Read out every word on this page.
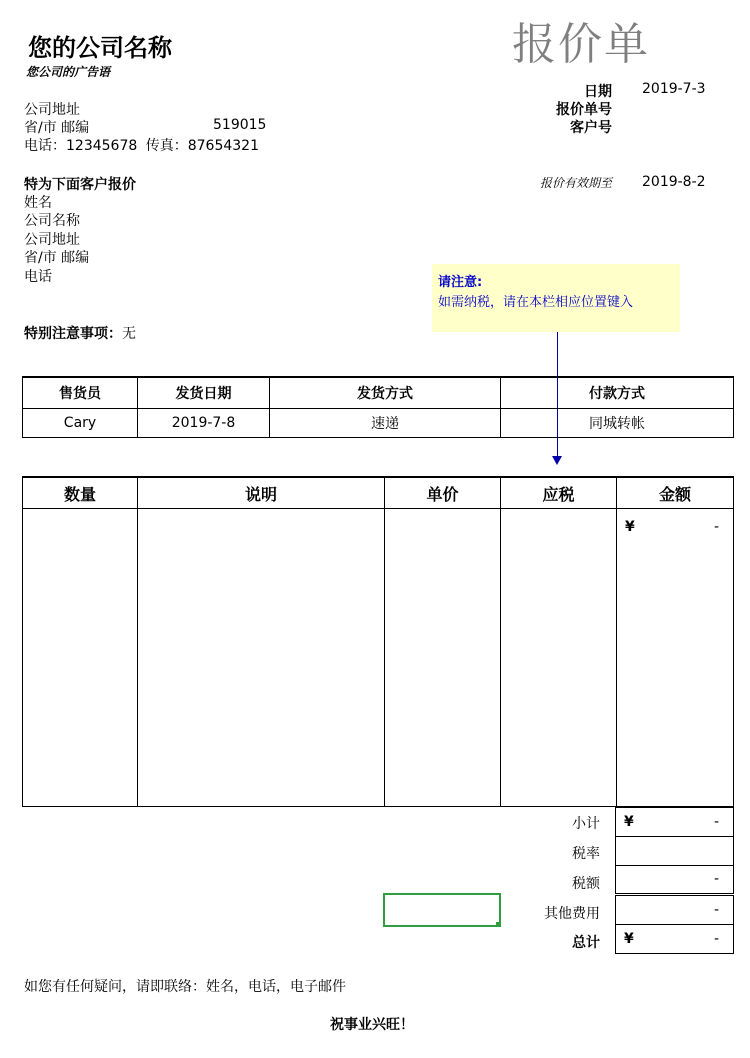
您的公司名称
您公司的广告语
报价单
公司地址
省/市 邮编	519015
电话：12345678 传真：87654321
日期 2019-7-3
报价单号
客户号
报价有效期至 2019-8-2
特为下面客户报价
姓名
公司名称
公司地址
省/市 邮编
电话
特别注意事项：无
请注意:
如需纳税，请在本栏相应位置键入
售货员	发货日期	发货方式	付款方式
Cary	2019-7-8	速递	同城转帐
数量	说明	单价	应税	金额

				¥ -
小计 ¥	-
税率
税额	-
其他费用	-
总计 ¥	-
如您有任何疑问，请即联络：姓名，电话，电子邮件
祝事业兴旺！
